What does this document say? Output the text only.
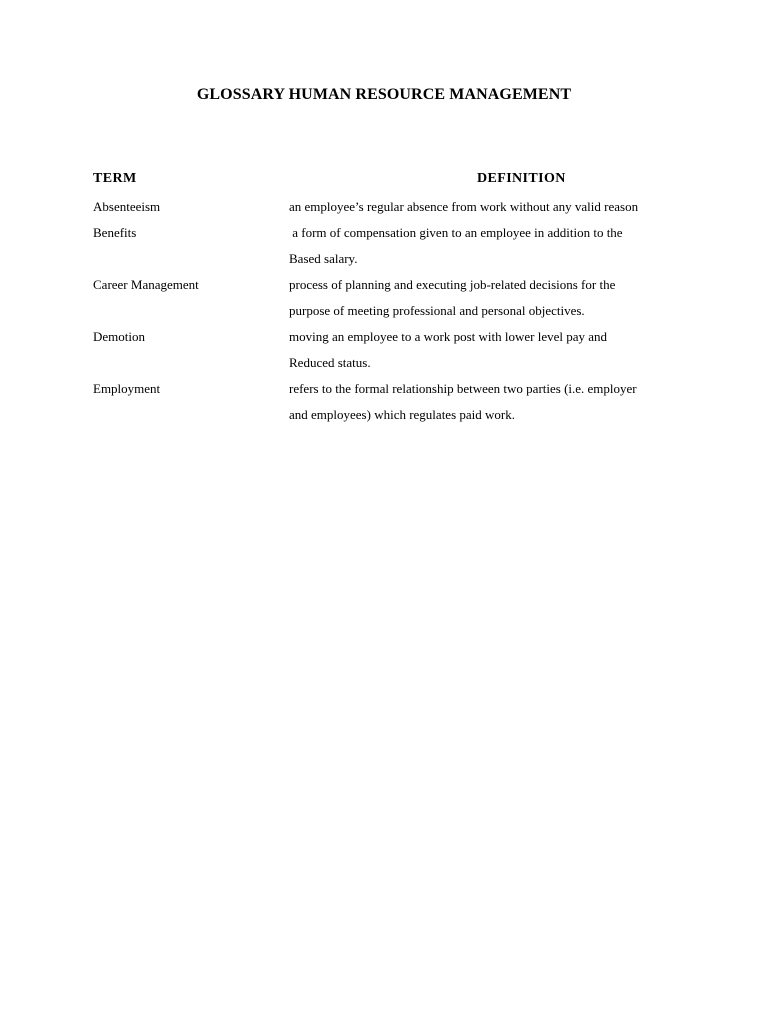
GLOSSARY HUMAN RESOURCE MANAGEMENT
TERM	DEFINITION
Absenteeism	an employee’s regular absence from work without any valid reason
Benefits	a form of compensation given to an employee in addition to the
Based salary.
Career Management	process of planning and executing job-related decisions for the
purpose of meeting professional and personal objectives.
Demotion	moving an employee to a work post with lower level pay and
Reduced status.
Employment	refers to the formal relationship between two parties (i.e. employer
and employees) which regulates paid work.
